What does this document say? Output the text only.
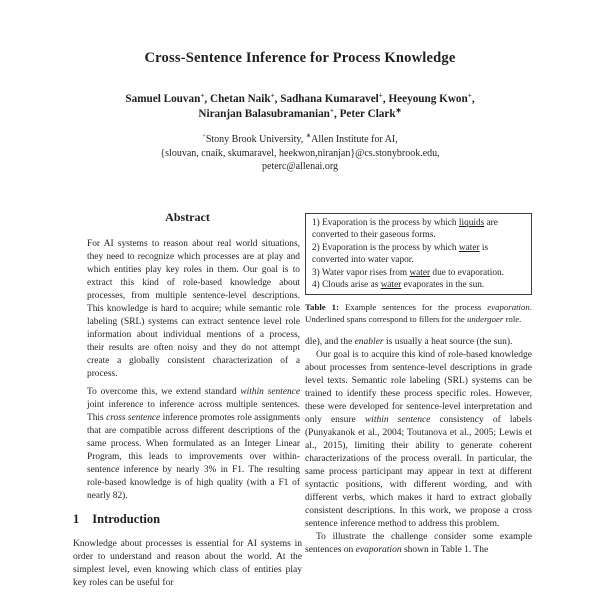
Cross-Sentence Inference for Process Knowledge
Samuel Louvan+, Chetan Naik+, Sadhana Kumaravel+, Heeyoung Kwon+,
Niranjan Balasubramanian+, Peter Clark∗
+Stony Brook University, ∗Allen Institute for AI,
{slouvan, cnaik, skumaravel, heekwon,niranjan}@cs.stonybrook.edu,
peterc@allenai.org
Abstract

For AI systems to reason about real world situations, they need to recognize which processes are at play and which entities play key roles in them. Our goal is to extract this kind of role-based knowledge about processes, from multiple sentence-level descriptions. This knowledge is hard to acquire; while semantic role labeling (SRL) systems can extract sentence level role information about individual mentions of a process, their results are often noisy and they do not attempt create a globally consistent characterization of a process.

To overcome this, we extend standard within sentence joint inference to inference across multiple sentences. This cross sentence inference promotes role assignments that are compatible across different descriptions of the same process. When formulated as an Integer Linear Program, this leads to improvements over within-sentence inference by nearly 3% in F1. The resulting role-based knowledge is of high quality (with a F1 of nearly 82).

1 Introduction

Knowledge about processes is essential for AI systems in order to understand and reason about the world. At the simplest level, even knowing which class of entities play key roles can be useful for

1) Evaporation is the process by which liquids are converted to their gaseous forms.
2) Evaporation is the process by which water is converted into water vapor.
3) Water vapor rises from water due to evaporation.
4) Clouds arise as water evaporates in the sun.
Table 1: Example sentences for the process evaporation. Underlined spans correspond to fillers for the undergoer role.

dle), and the enabler is usually a heat source (the sun).

Our goal is to acquire this kind of role-based knowledge about processes from sentence-level descriptions in grade level texts. Semantic role labeling (SRL) systems can be trained to identify these process specific roles. However, these were developed for sentence-level interpretation and only ensure within sentence consistency of labels (Punyakanok et al., 2004; Toutanova et al., 2005; Lewis et al., 2015), limiting their ability to generate coherent characterizations of the process overall. In particular, the same process participant may appear in text at different syntactic positions, with different wording, and with different verbs, which makes it hard to extract globally consistent descriptions. In this work, we propose a cross sentence inference method to address this problem.

To illustrate the challenge consider some example sentences on evaporation shown in Table 1. The
